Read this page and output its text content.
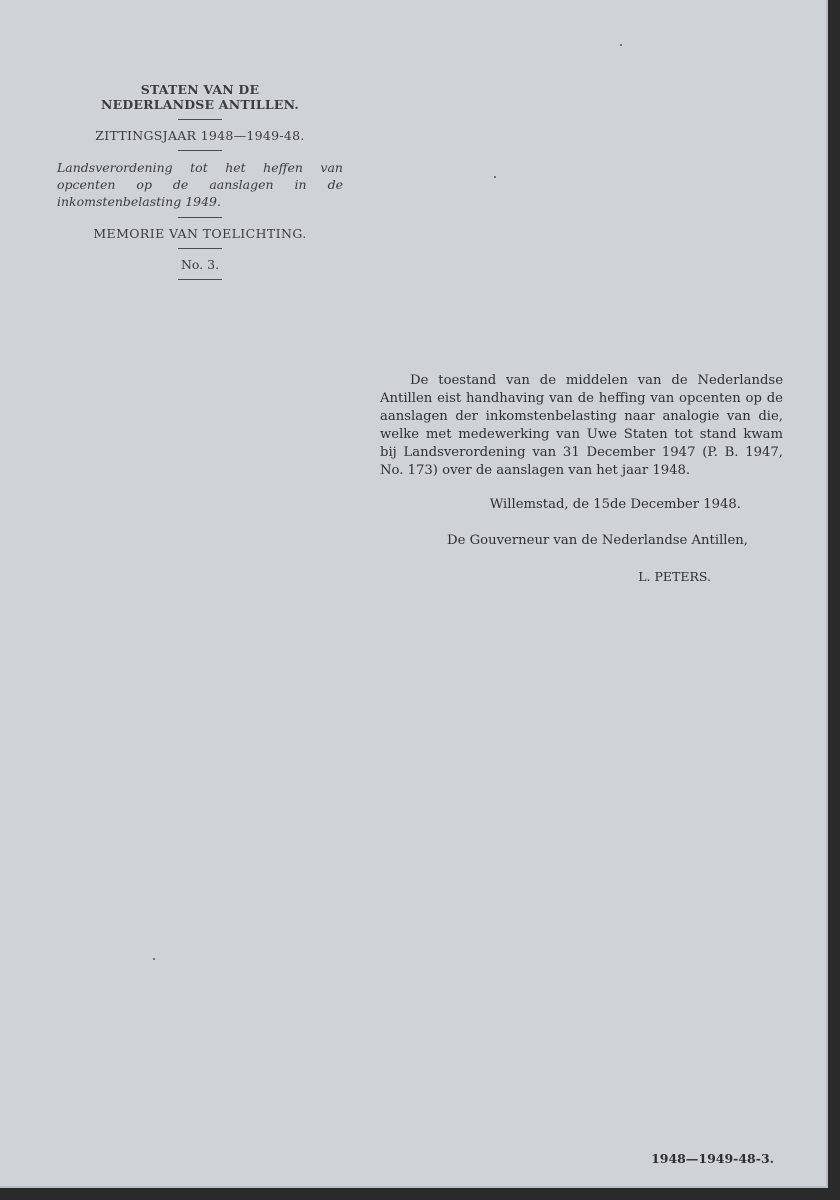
STATEN VAN DE
NEDERLANDSE ANTILLEN.
ZITTINGSJAAR 1948—1949-48.
Landsverordening tot het heffen van opcenten op de aanslagen in de inkomstenbelasting 1949.
MEMORIE VAN TOELICHTING.
No. 3.

De toestand van de middelen van de Nederlandse Antillen eist handhaving van de heffing van opcenten op de aanslagen der inkomstenbelasting naar analogie van die, welke met medewerking van Uwe Staten tot stand kwam bij Landsverordening van 31 December 1947 (P. B. 1947, No. 173) over de aanslagen van het jaar 1948.

Willemstad, de 15de December 1948.
De Gouverneur van de Nederlandse Antillen,
L. PETERS.
1948—1949-48-3.
